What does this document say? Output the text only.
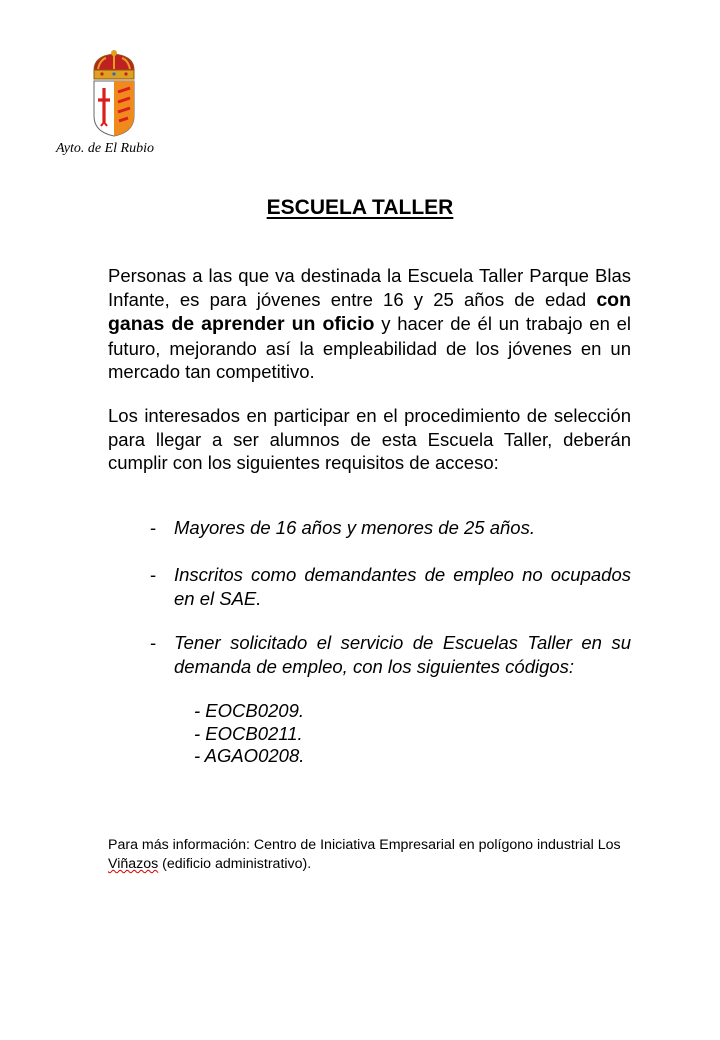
Ayto. de El Rubio
ESCUELA TALLER
Personas a las que va destinada la Escuela Taller Parque Blas Infante, es para jóvenes entre 16 y 25 años de edad con ganas de aprender un oficio y hacer de él un trabajo en el futuro, mejorando así la empleabilidad de los jóvenes en un mercado tan competitivo.
Los interesados en participar en el procedimiento de selección para llegar a ser alumnos de esta Escuela Taller, deberán cumplir con los siguientes requisitos de acceso:
- Mayores de 16 años y menores de 25 años.
- Inscritos como demandantes de empleo no ocupados en el SAE.
- Tener solicitado el servicio de Escuelas Taller en su demanda de empleo, con los siguientes códigos:
- EOCB0209.
- EOCB0211.
- AGAO0208.
Para más información: Centro de Iniciativa Empresarial en polígono industrial Los Viñazos (edificio administrativo).
